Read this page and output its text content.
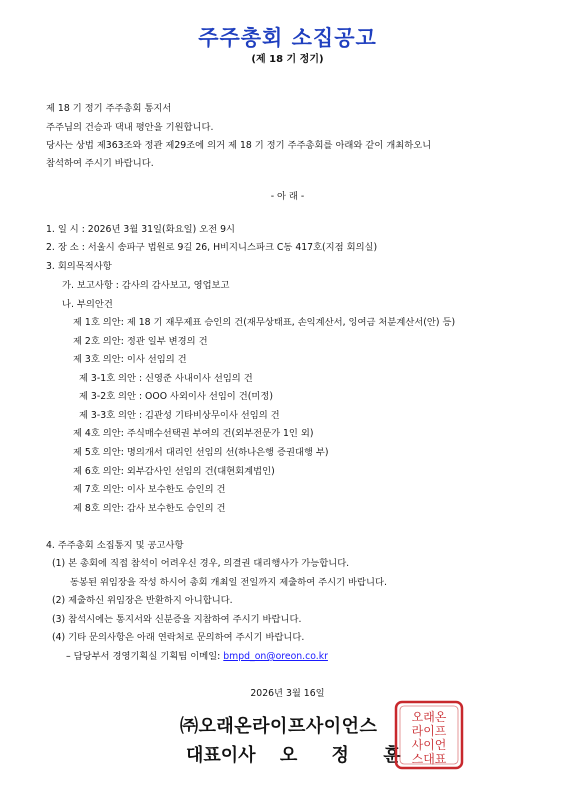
주주총회 소집공고
(제 18 기 정기)
제 18 기 정기 주주총회 통지서
주주님의 건승과 댁내 평안을 기원합니다.
당사는 상법 제363조와 정관 제29조에 의거 제 18 기 정기 주주총회를 아래와 같이 개최하오니
참석하여 주시기 바랍니다.
- 아 래 -
1. 일 시 : 2026년 3월 31일(화요일) 오전 9시
2. 장 소 : 서울시 송파구 법원로 9길 26, H비지니스파크 C동 417호(지점 회의실)
3. 회의목적사항
가. 보고사항 : 감사의 감사보고, 영업보고
나. 부의안건
제 1호 의안: 제 18 기 재무제표 승인의 건(재무상태표, 손익계산서, 잉여금 처분계산서(안) 등)
제 2호 의안: 정관 일부 변경의 건
제 3호 의안: 이사 선임의 건
제 3-1호 의안 : 신영준 사내이사 선임의 건
제 3-2호 의안 : OOO 사외이사 선임이 건(미정)
제 3-3호 의안 : 김관성 기타비상무이사 선임의 건
제 4호 의안: 주식매수선택권 부여의 건(외부전문가 1인 외)
제 5호 의안: 명의개서 대리인 선임의 선(하나은행 증권대행 부)
제 6호 의안: 외부감사인 선임의 건(대현회계법인)
제 7호 의안: 이사 보수한도 승인의 건
제 8호 의안: 감사 보수한도 승인의 건
4. 주주총회 소집통지 및 공고사항
(1) 본 총회에 직접 참석이 어려우신 경우, 의결권 대리행사가 가능합니다.
동봉된 위임장을 작성 하시어 총회 개최일 전일까지 제출하여 주시기 바랍니다.
(2) 제출하신 위임장은 반환하지 아니합니다.
(3) 참석시에는 통지서와 신분증을 지참하여 주시기 바랍니다.
(4) 기타 문의사항은 아래 연락처로 문의하여 주시기 바랍니다.
– 담당부서 경영기획실 기획팀 이메일: bmpd_on@oreon.co.kr
2026년 3월 16일
㈜오래온라이프사이언스
대표이사 오 정 훈
오래온
라이프
사이언
스대표
